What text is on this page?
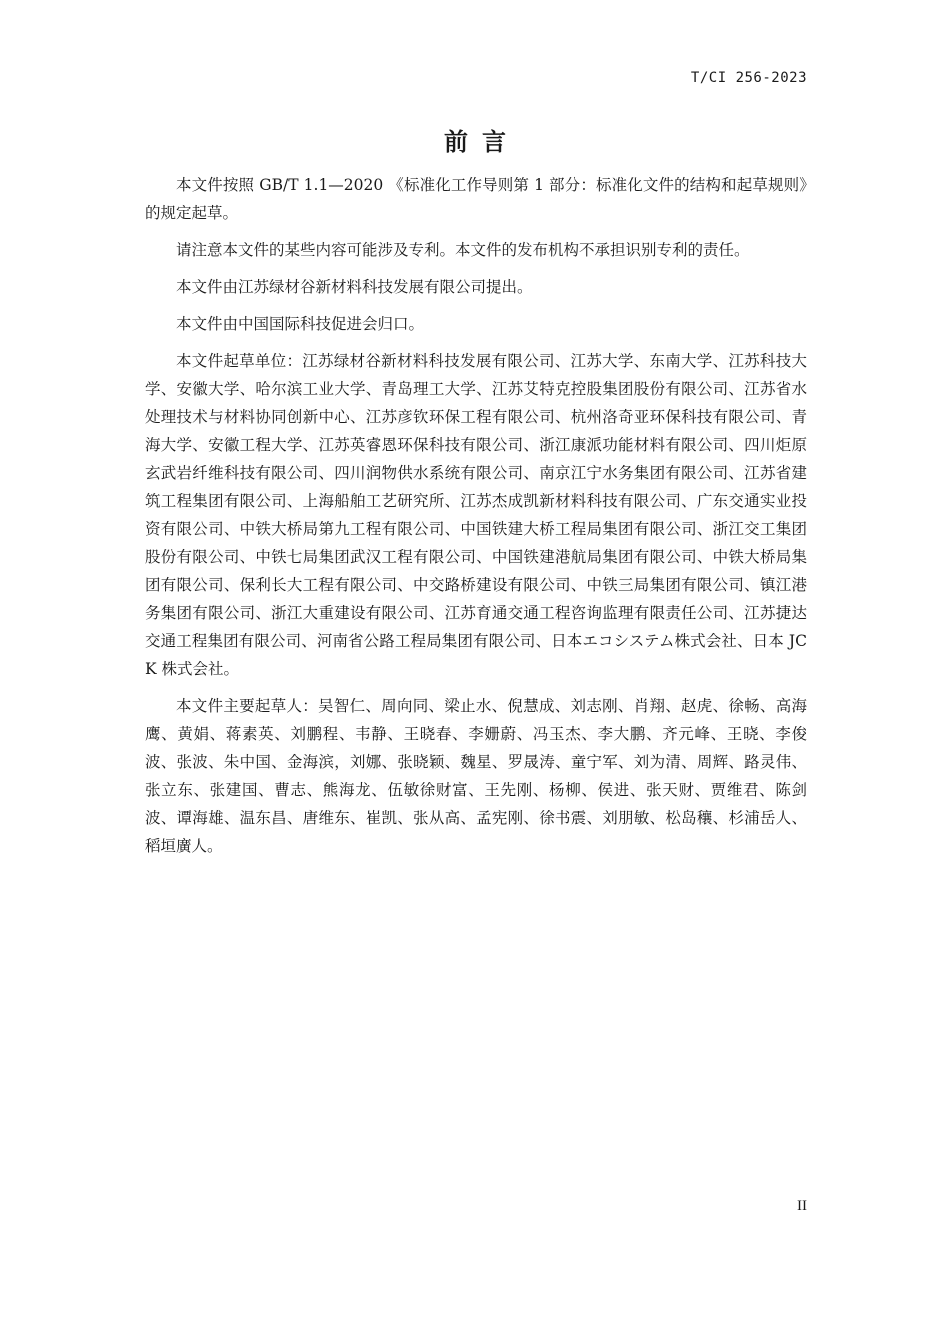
T/CI 256-2023
前言

本文件按照 GB/T 1.1—2020 《标准化工作导则第 1 部分：标准化文件的结构和起草规则》的规定起草。

请注意本文件的某些内容可能涉及专利。本文件的发布机构不承担识别专利的责任。

本文件由江苏绿材谷新材料科技发展有限公司提出。

本文件由中国国际科技促进会归口。

本文件起草单位：江苏绿材谷新材料科技发展有限公司、江苏大学、东南大学、江苏科技大学、安徽大学、哈尔滨工业大学、青岛理工大学、江苏艾特克控股集团股份有限公司、江苏省水处理技术与材料协同创新中心、江苏彦钦环保工程有限公司、杭州洛奇亚环保科技有限公司、青海大学、安徽工程大学、江苏英睿恩环保科技有限公司、浙江康派功能材料有限公司、四川炬原玄武岩纤维科技有限公司、四川润物供水系统有限公司、南京江宁水务集团有限公司、江苏省建筑工程集团有限公司、上海船舶工艺研究所、江苏杰成凯新材料科技有限公司、广东交通实业投资有限公司、中铁大桥局第九工程有限公司、中国铁建大桥工程局集团有限公司、浙江交工集团股份有限公司、中铁七局集团武汉工程有限公司、中国铁建港航局集团有限公司、中铁大桥局集团有限公司、保利长大工程有限公司、中交路桥建设有限公司、中铁三局集团有限公司、镇江港务集团有限公司、浙江大重建设有限公司、江苏育通交通工程咨询监理有限责任公司、江苏捷达交通工程集团有限公司、河南省公路工程局集团有限公司、日本エコシステム株式会社、日本 JCK 株式会社。

本文件主要起草人：吴智仁、周向同、梁止水、倪慧成、刘志刚、肖翔、赵虎、徐畅、高海鹰、黄娟、蒋素英、刘鹏程、韦静、王晓春、李姗蔚、冯玉杰、李大鹏、齐元峰、王晓、李俊波、张波、朱中国、金海滨，刘娜、张晓颖、魏星、罗晟涛、童宁军、刘为清、周辉、路灵伟、张立东、张建国、曹志、熊海龙、伍敏徐财富、王先刚、杨柳、侯进、张天财、贾维君、陈剑波、谭海雄、温东昌、唐维东、崔凯、张从高、孟宪刚、徐书震、刘朋敏、松岛穰、杉浦岳人、稻垣廣人。

II
